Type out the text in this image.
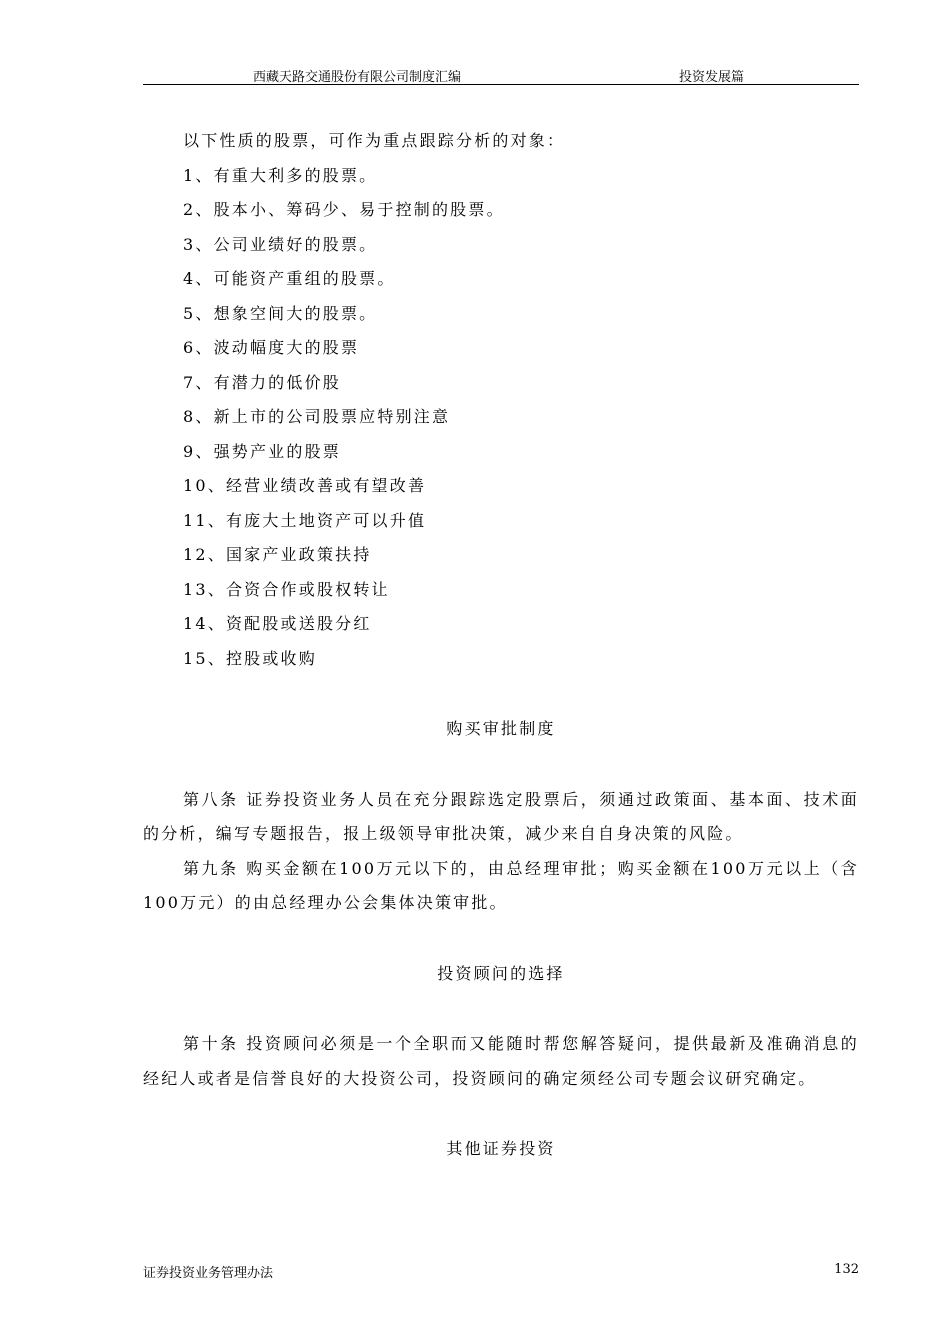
西藏天路交通股份有限公司制度汇编	投资发展篇
以下性质的股票，可作为重点跟踪分析的对象：
1、有重大利多的股票。
2、股本小、筹码少、易于控制的股票。
3、公司业绩好的股票。
4、可能资产重组的股票。
5、想象空间大的股票。
6、波动幅度大的股票
7、有潜力的低价股
8、新上市的公司股票应特别注意
9、强势产业的股票
10、经营业绩改善或有望改善
11、有庞大土地资产可以升值
12、国家产业政策扶持
13、合资合作或股权转让
14、资配股或送股分红
15、控股或收购
购买审批制度
第八条 证券投资业务人员在充分跟踪选定股票后，须通过政策面、基本面、技术面的分析，编写专题报告，报上级领导审批决策，减少来自自身决策的风险。
第九条 购买金额在100万元以下的，由总经理审批；购买金额在100万元以上（含100万元）的由总经理办公会集体决策审批。
投资顾问的选择
第十条 投资顾问必须是一个全职而又能随时帮您解答疑问，提供最新及准确消息的经纪人或者是信誉良好的大投资公司，投资顾问的确定须经公司专题会议研究确定。
其他证券投资
证券投资业务管理办法	132
